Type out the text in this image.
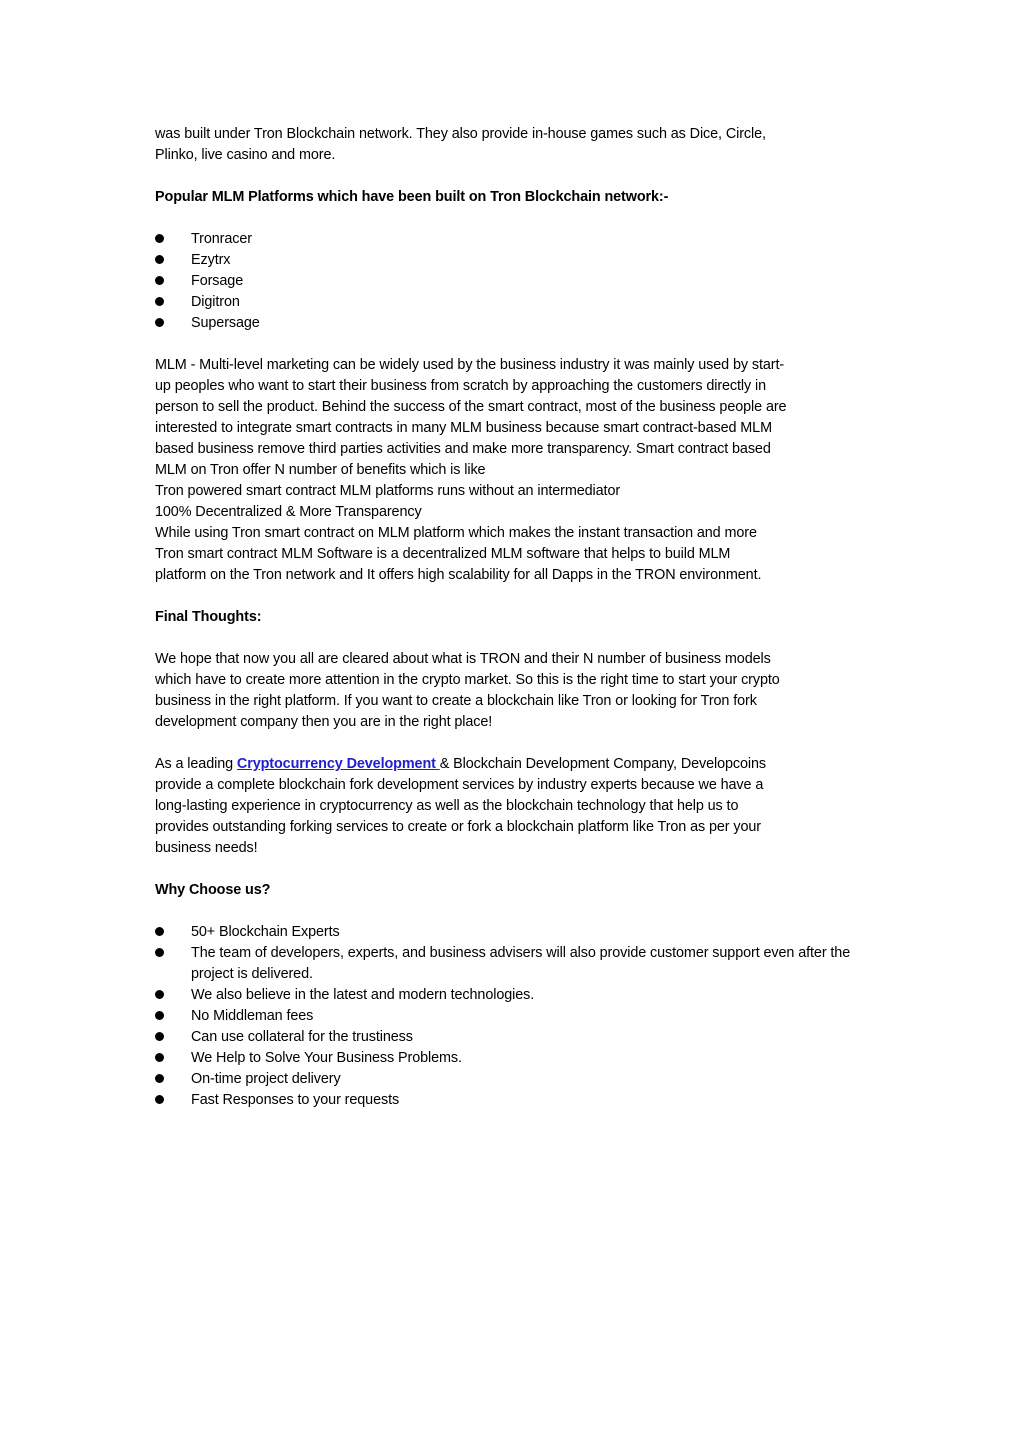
was built under Tron Blockchain network. They also provide in-house games such as Dice, Circle,
Plinko, live casino and more.

Popular MLM Platforms which have been built on Tron Blockchain network:-

Tronracer
Ezytrx
Forsage
Digitron
Supersage

MLM - Multi-level marketing can be widely used by the business industry it was mainly used by start-
up peoples who want to start their business from scratch by approaching the customers directly in
person to sell the product. Behind the success of the smart contract, most of the business people are
interested to integrate smart contracts in many MLM business because smart contract-based MLM
based business remove third parties activities and make more transparency. Smart contract based
MLM on Tron offer N number of benefits which is like
Tron powered smart contract MLM platforms runs without an intermediator
100% Decentralized & More Transparency
While using Tron smart contract on MLM platform which makes the instant transaction and more
Tron smart contract MLM Software is a decentralized MLM software that helps to build MLM
platform on the Tron network and It offers high scalability for all Dapps in the TRON environment.

Final Thoughts:

We hope that now you all are cleared about what is TRON and their N number of business models
which have to create more attention in the crypto market. So this is the right time to start your crypto
business in the right platform. If you want to create a blockchain like Tron or looking for Tron fork
development company then you are in the right place!

As a leading Cryptocurrency Development & Blockchain Development Company, Developcoins
provide a complete blockchain fork development services by industry experts because we have a
long-lasting experience in cryptocurrency as well as the blockchain technology that help us to
provides outstanding forking services to create or fork a blockchain platform like Tron as per your
business needs!

Why Choose us?

50+ Blockchain Experts
The team of developers, experts, and business advisers will also provide customer support even after the project is delivered.
We also believe in the latest and modern technologies.
No Middleman fees
Can use collateral for the trustiness
We Help to Solve Your Business Problems.
On-time project delivery
Fast Responses to your requests
